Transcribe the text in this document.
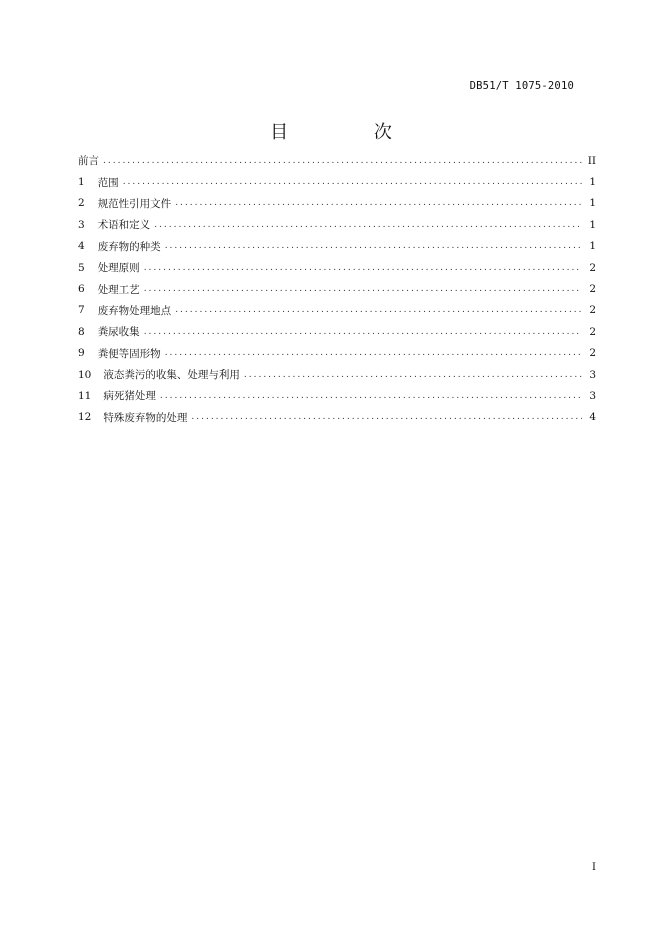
DB51/T 1075-2010
目 次
前言 .....	II
1 范围 .....	1
2 规范性引用文件 .....	1
3 术语和定义 .....	1
4 废弃物的种类 .....	1
5 处理原则 .....	2
6 处理工艺 .....	2
7 废弃物处理地点 .....	2
8 粪尿收集 .....	2
9 粪便等固形物 .....	2
10 液态粪污的收集、处理与利用 .....	3
11 病死猪处理 .....	3
12 特殊废弃物的处理 .....	4
I
